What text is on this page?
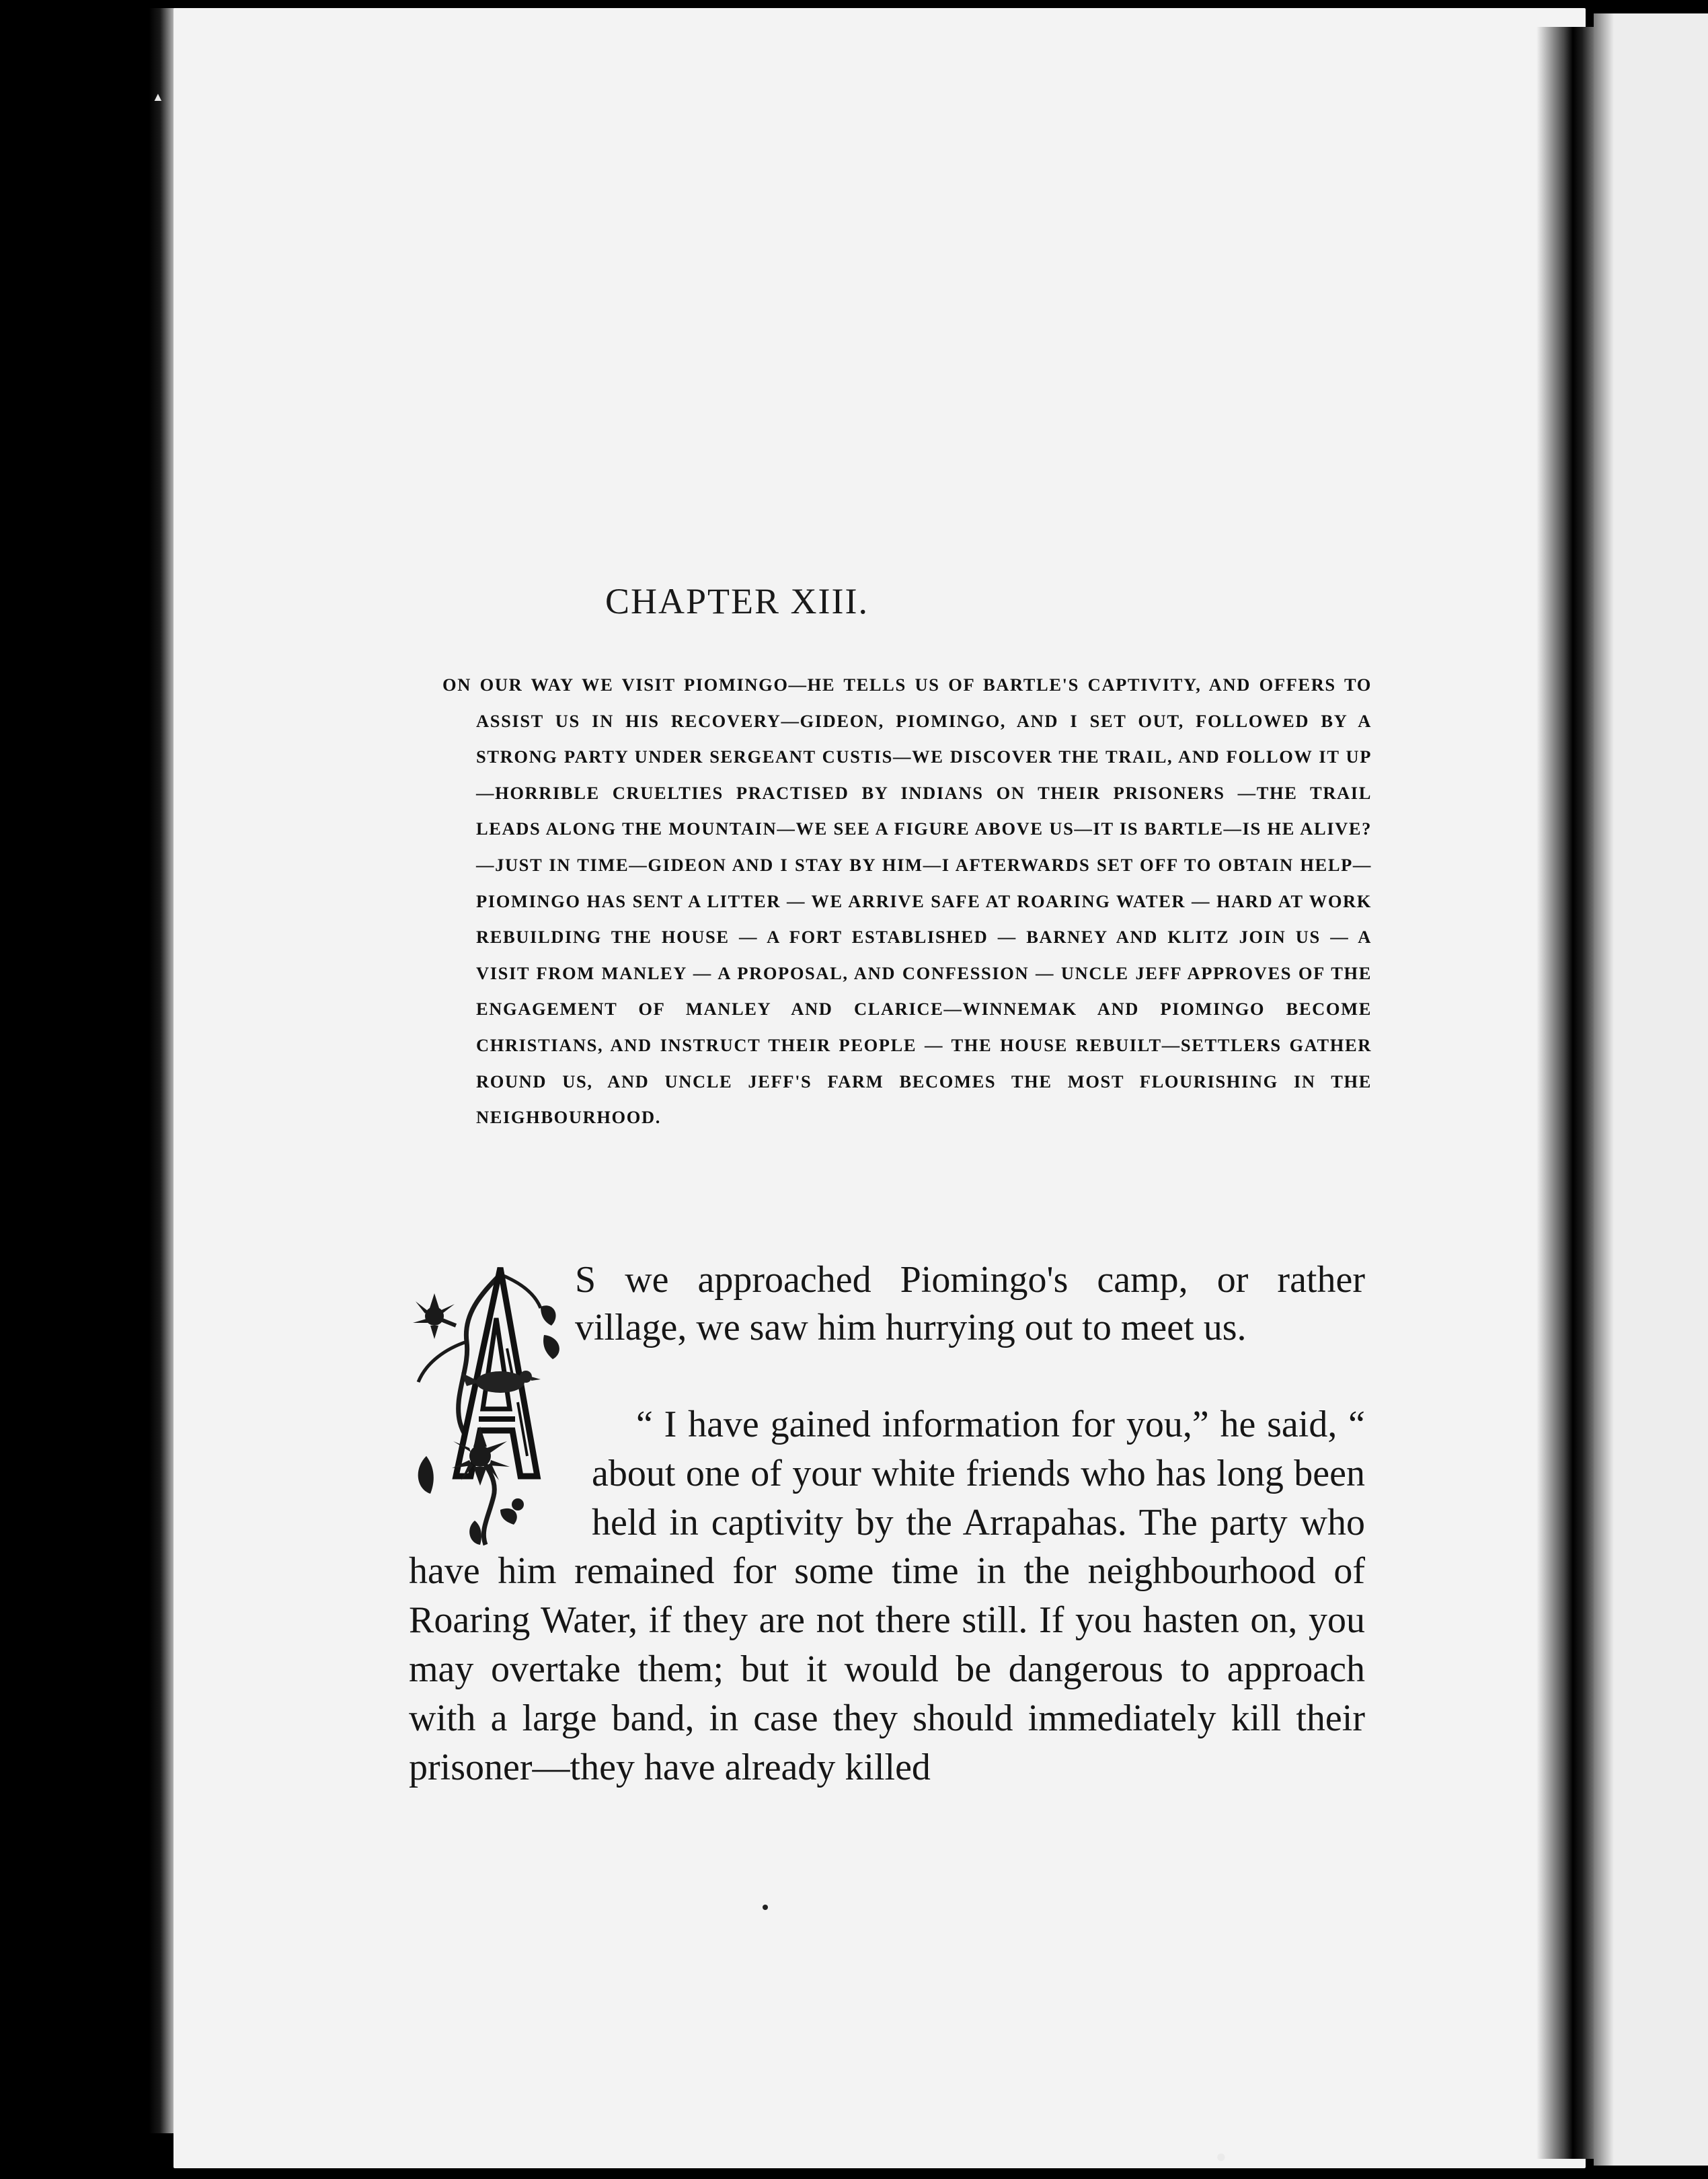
▲
●
CHAPTER XIII.
ON OUR WAY WE VISIT PIOMINGO—HE TELLS US OF BARTLE'S CAPTIVITY, AND OFFERS TO ASSIST US IN HIS RECOVERY—GIDEON, PIOMINGO, AND I SET OUT, FOLLOWED BY A STRONG PARTY UNDER SERGEANT CUSTIS—WE DISCOVER THE TRAIL, AND FOLLOW IT UP—HORRIBLE CRUELTIES PRACTISED BY INDIANS ON THEIR PRISONERS —THE TRAIL LEADS ALONG THE MOUNTAIN—WE SEE A FIGURE ABOVE US—IT IS BARTLE—IS HE ALIVE? —JUST IN TIME—GIDEON AND I STAY BY HIM—I AFTERWARDS SET OFF TO OBTAIN HELP—PIOMINGO HAS SENT A LITTER — WE ARRIVE SAFE AT ROARING WATER — HARD AT WORK REBUILDING THE HOUSE — A FORT ESTABLISHED — BARNEY AND KLITZ JOIN US — A VISIT FROM MANLEY — A PROPOSAL, AND CONFESSION — UNCLE JEFF APPROVES OF THE ENGAGEMENT OF MANLEY AND CLARICE—WINNEMAK AND PIOMINGO BECOME CHRISTIANS, AND INSTRUCT THEIR PEOPLE — THE HOUSE REBUILT—SETTLERS GATHER ROUND US, AND UNCLE JEFF'S FARM BECOMES THE MOST FLOURISHING IN THE NEIGHBOURHOOD.
S we approached Piomingo's camp, or rather village, we saw him hurrying out to meet us.
“ I have gained information for you,” he said, “ about one of your white friends who has long been held in captivity by the Arrapahas. The party who have him remained for some time in the neighbourhood of Roaring Water, if they are not there still. If you hasten on, you may overtake them; but it would be dangerous to approach with a large band, in case they should immediately kill their prisoner—they have already killed
